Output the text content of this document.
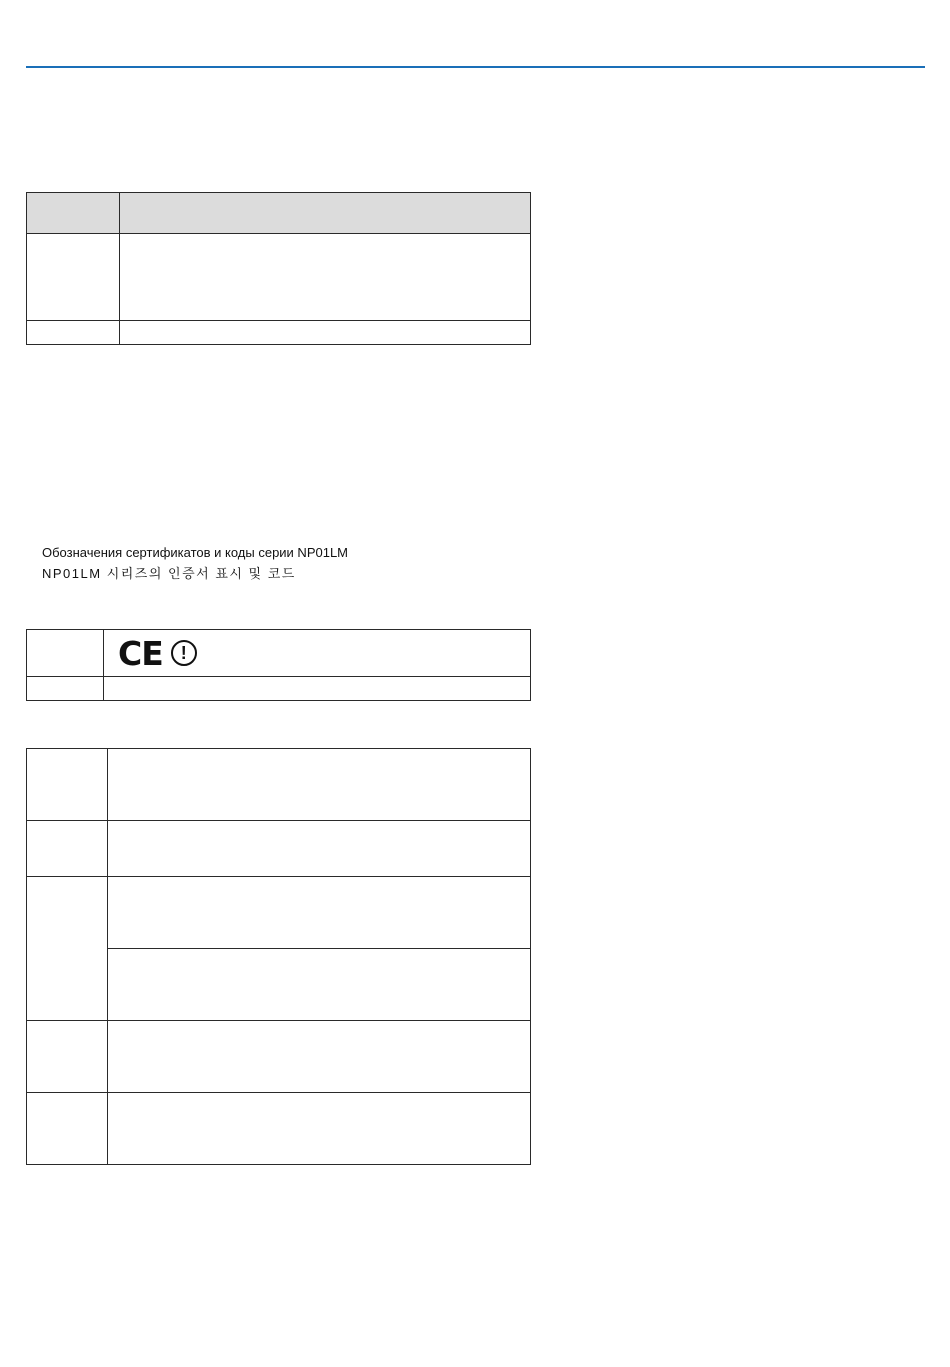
Обозначения сертификатов и коды серии NP01LM
NP01LM 시리즈의 인증서 표시 및 코드

	CE !
